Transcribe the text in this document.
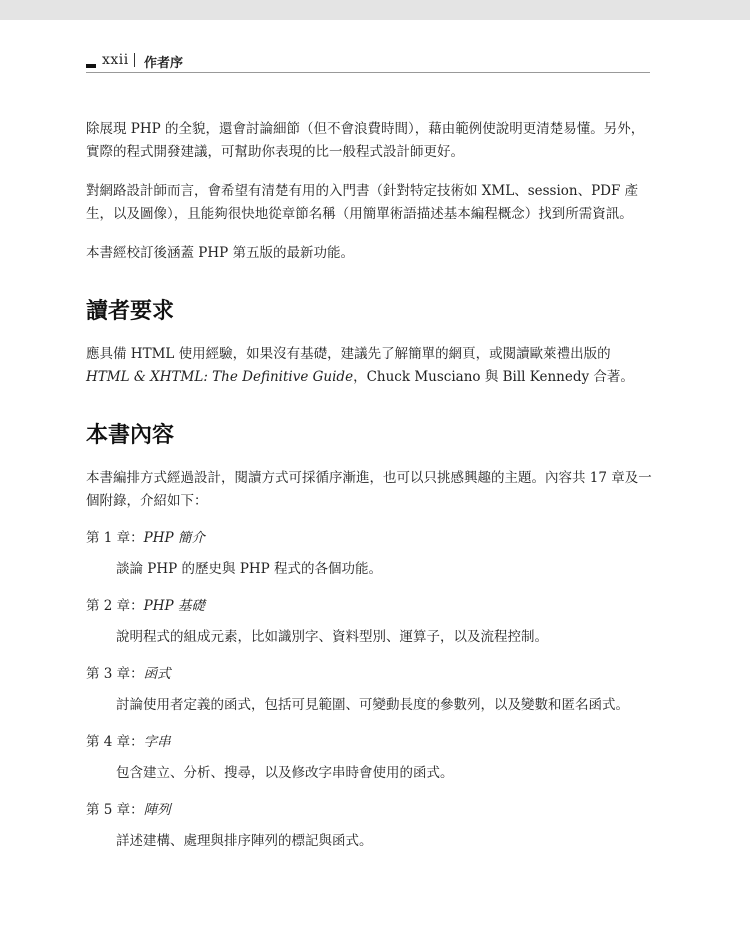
xxii 作者序

除展現 PHP 的全貌，還會討論細節（但不會浪費時間），藉由範例使說明更清楚易懂。另外，實際的程式開發建議，可幫助你表現的比一般程式設計師更好。

對網路設計師而言，會希望有清楚有用的入門書（針對特定技術如 XML、session、PDF 產生，以及圖像），且能夠很快地從章節名稱（用簡單術語描述基本編程概念）找到所需資訊。

本書經校訂後涵蓋 PHP 第五版的最新功能。

讀者要求

應具備 HTML 使用經驗，如果沒有基礎，建議先了解簡單的網頁，或閱讀歐萊禮出版的 HTML & XHTML: The Definitive Guide，Chuck Musciano 與 Bill Kennedy 合著。

本書內容

本書編排方式經過設計，閱讀方式可採循序漸進，也可以只挑感興趣的主題。內容共 17 章及一個附錄，介紹如下：

第 1 章：PHP 簡介

談論 PHP 的歷史與 PHP 程式的各個功能。

第 2 章：PHP 基礎

說明程式的組成元素，比如識別字、資料型別、運算子，以及流程控制。

第 3 章：函式

討論使用者定義的函式，包括可見範圍、可變動長度的參數列，以及變數和匿名函式。

第 4 章：字串

包含建立、分析、搜尋，以及修改字串時會使用的函式。

第 5 章：陣列

詳述建構、處理與排序陣列的標記與函式。
